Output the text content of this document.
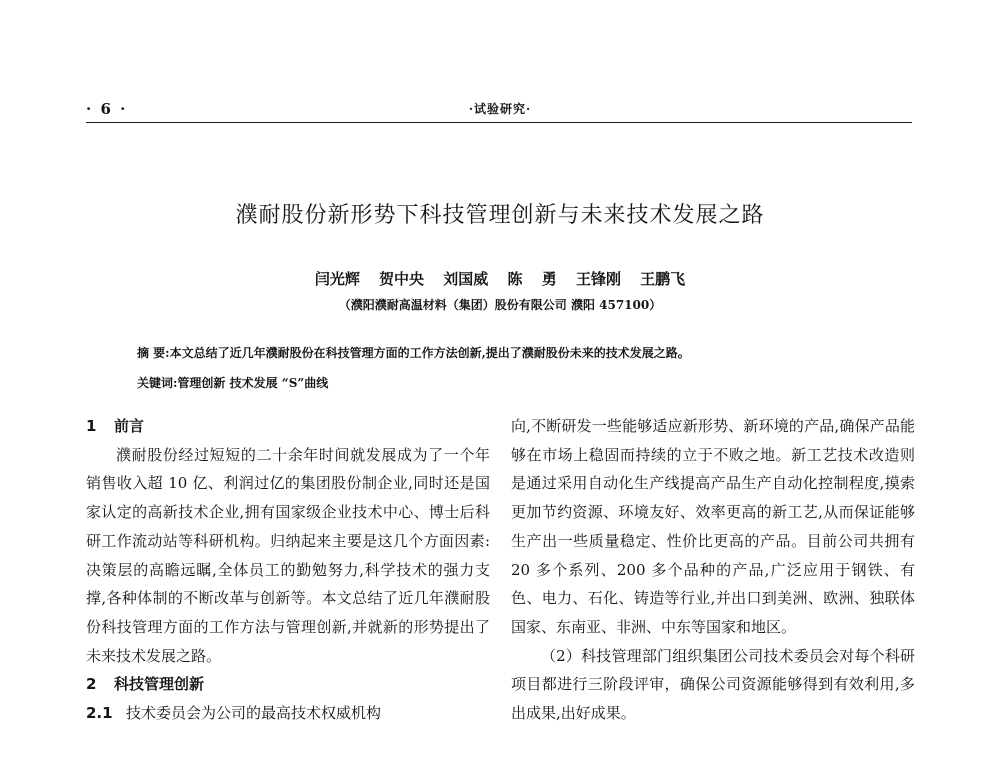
· 6 ·	·试验研究·
濮耐股份新形势下科技管理创新与未来技术发展之路
闫光辉 贺中央 刘国威 陈 勇 王锋刚 王鹏飞
（濮阳濮耐高温材料（集团）股份有限公司 濮阳 457100）
摘 要:本文总结了近几年濮耐股份在科技管理方面的工作方法创新,提出了濮耐股份未来的技术发展之路。
关键词:管理创新 技术发展 “S”曲线

1 前言

濮耐股份经过短短的二十余年时间就发展成为了一个年销售收入超 10 亿、利润过亿的集团股份制企业,同时还是国家认定的高新技术企业,拥有国家级企业技术中心、博士后科研工作流动站等科研机构。归纳起来主要是这几个方面因素:决策层的高瞻远瞩,全体员工的勤勉努力,科学技术的强力支撑,各种体制的不断改革与创新等。本文总结了近几年濮耐股份科技管理方面的工作方法与管理创新,并就新的形势提出了未来技术发展之路。

2 科技管理创新

2.1 技术委员会为公司的最高技术权威机构

向,不断研发一些能够适应新形势、新环境的产品,确保产品能够在市场上稳固而持续的立于不败之地。新工艺技术改造则是通过采用自动化生产线提高产品生产自动化控制程度,摸索更加节约资源、环境友好、效率更高的新工艺,从而保证能够生产出一些质量稳定、性价比更高的产品。目前公司共拥有 20 多个系列、200 多个品种的产品,广泛应用于钢铁、有色、电力、石化、铸造等行业,并出口到美洲、欧洲、独联体国家、东南亚、非洲、中东等国家和地区。

（2）科技管理部门组织集团公司技术委员会对每个科研项目都进行三阶段评审，确保公司资源能够得到有效利用,多出成果,出好成果。
